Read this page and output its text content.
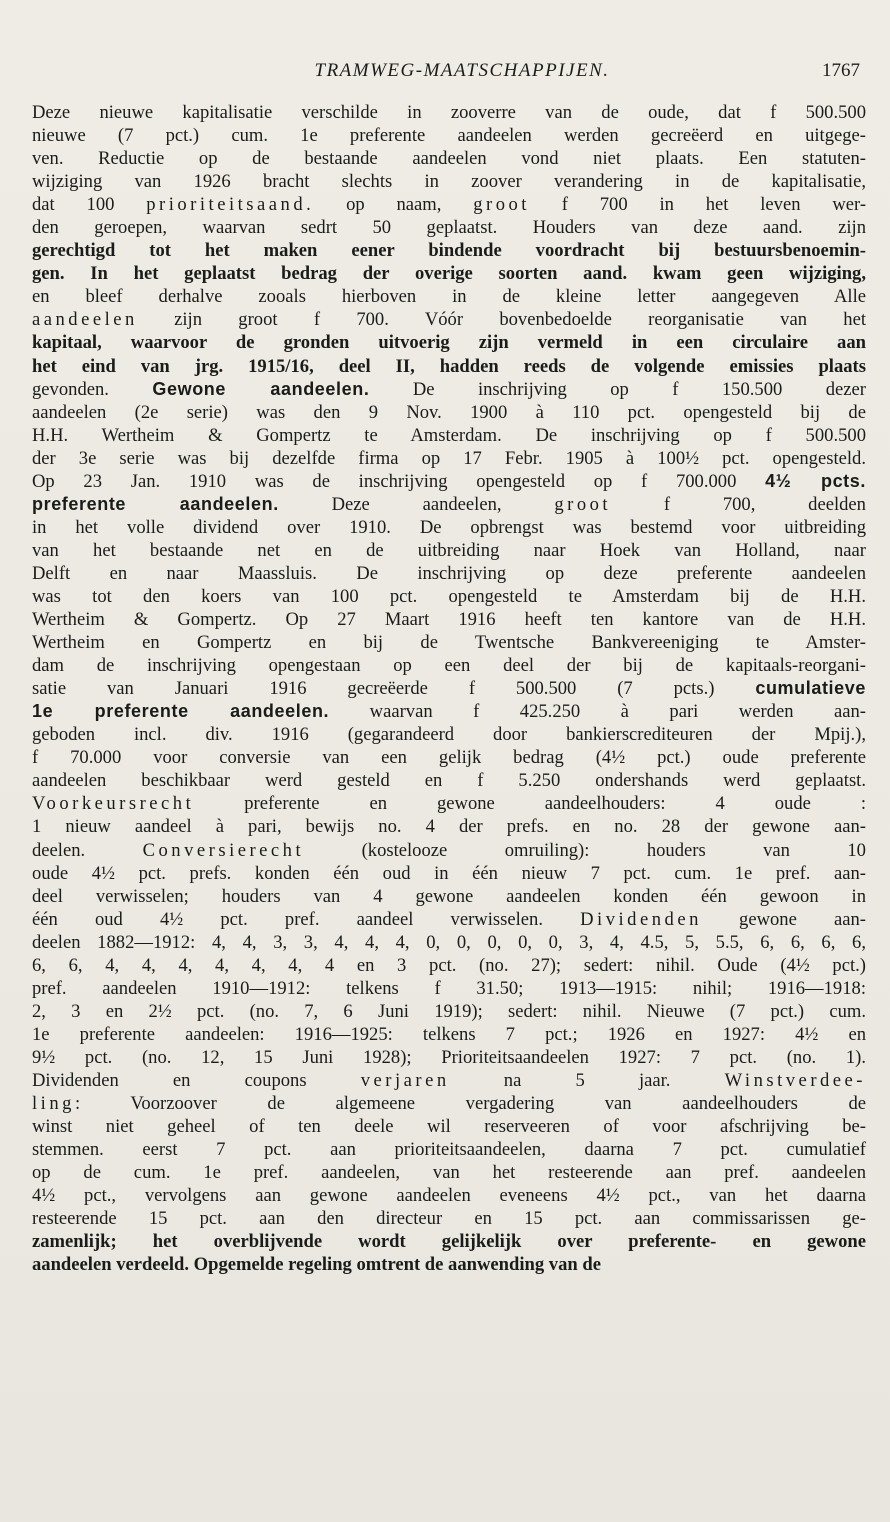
TRAMWEG-MAATSCHAPPIJEN.	1767
Deze nieuwe kapitalisatie verschilde in zooverre van de oude, dat f 500.500
nieuwe (7 pct.) cum. 1e preferente aandeelen werden gecreëerd en uitgege-
ven. Reductie op de bestaande aandeelen vond niet plaats. Een statuten-
wijziging van 1926 bracht slechts in zoover verandering in de kapitalisatie,
dat 100 prioriteitsaand. op naam, groot f 700 in het leven wer-
den geroepen, waarvan sedrt 50 geplaatst. Houders van deze aand. zijn
gerechtigd tot het maken eener bindende voordracht bij bestuursbenoemin-
gen. In het geplaatst bedrag der overige soorten aand. kwam geen wijziging,
en bleef derhalve zooals hierboven in de kleine letter aangegeven Alle
aandeelen zijn groot f 700. Vóór bovenbedoelde reorganisatie van het
kapitaal, waarvoor de gronden uitvoerig zijn vermeld in een circulaire aan
het eind van jrg. 1915/16, deel II, hadden reeds de volgende emissies plaats
gevonden. Gewone aandeelen. De inschrijving op f 150.500 dezer
aandeelen (2e serie) was den 9 Nov. 1900 à 110 pct. opengesteld bij de
H.H. Wertheim & Gompertz te Amsterdam. De inschrijving op f 500.500
der 3e serie was bij dezelfde firma op 17 Febr. 1905 à 100½ pct. opengesteld.
Op 23 Jan. 1910 was de inschrijving opengesteld op f 700.000 4½ pcts.
preferente aandeelen. Deze aandeelen, groot f 700, deelden
in het volle dividend over 1910. De opbrengst was bestemd voor uitbreiding
van het bestaande net en de uitbreiding naar Hoek van Holland, naar
Delft en naar Maassluis. De inschrijving op deze preferente aandeelen
was tot den koers van 100 pct. opengesteld te Amsterdam bij de H.H.
Wertheim & Gompertz. Op 27 Maart 1916 heeft ten kantore van de H.H.
Wertheim en Gompertz en bij de Twentsche Bankvereeniging te Amster-
dam de inschrijving opengestaan op een deel der bij de kapitaals-reorgani-
satie van Januari 1916 gecreëerde f 500.500 (7 pcts.) cumulatieve
1e preferente aandeelen. waarvan f 425.250 à pari werden aan-
geboden incl. div. 1916 (gegarandeerd door bankierscrediteuren der Mpij.),
f 70.000 voor conversie van een gelijk bedrag (4½ pct.) oude preferente
aandeelen beschikbaar werd gesteld en f 5.250 ondershands werd geplaatst.
Voorkeursrecht preferente en gewone aandeelhouders: 4 oude :
1 nieuw aandeel à pari, bewijs no. 4 der prefs. en no. 28 der gewone aan-
deelen. Conversierecht (kostelooze omruiling): houders van 10
oude 4½ pct. prefs. konden één oud in één nieuw 7 pct. cum. 1e pref. aan-
deel verwisselen; houders van 4 gewone aandeelen konden één gewoon in
één oud 4½ pct. pref. aandeel verwisselen. Dividenden gewone aan-
deelen 1882—1912: 4, 4, 3, 3, 4, 4, 4, 0, 0, 0, 0, 0, 3, 4, 4.5, 5, 5.5, 6, 6, 6, 6,
6, 6, 4, 4, 4, 4, 4, 4, 4 en 3 pct. (no. 27); sedert: nihil. Oude (4½ pct.)
pref. aandeelen 1910—1912: telkens f 31.50; 1913—1915: nihil; 1916—1918:
2, 3 en 2½ pct. (no. 7, 6 Juni 1919); sedert: nihil. Nieuwe (7 pct.) cum.
1e preferente aandeelen: 1916—1925: telkens 7 pct.; 1926 en 1927: 4½ en
9½ pct. (no. 12, 15 Juni 1928); Prioriteitsaandeelen 1927: 7 pct. (no. 1).
Dividenden en coupons verjaren na 5 jaar. Winstverdee-
ling: Voorzoover de algemeene vergadering van aandeelhouders de
winst niet geheel of ten deele wil reserveeren of voor afschrijving be-
stemmen. eerst 7 pct. aan prioriteitsaandeelen, daarna 7 pct. cumulatief
op de cum. 1e pref. aandeelen, van het resteerende aan pref. aandeelen
4½ pct., vervolgens aan gewone aandeelen eveneens 4½ pct., van het daarna
resteerende 15 pct. aan den directeur en 15 pct. aan commissarissen ge-
zamenlijk; het overblijvende wordt gelijkelijk over preferente- en gewone
aandeelen verdeeld. Opgemelde regeling omtrent de aanwending van de
